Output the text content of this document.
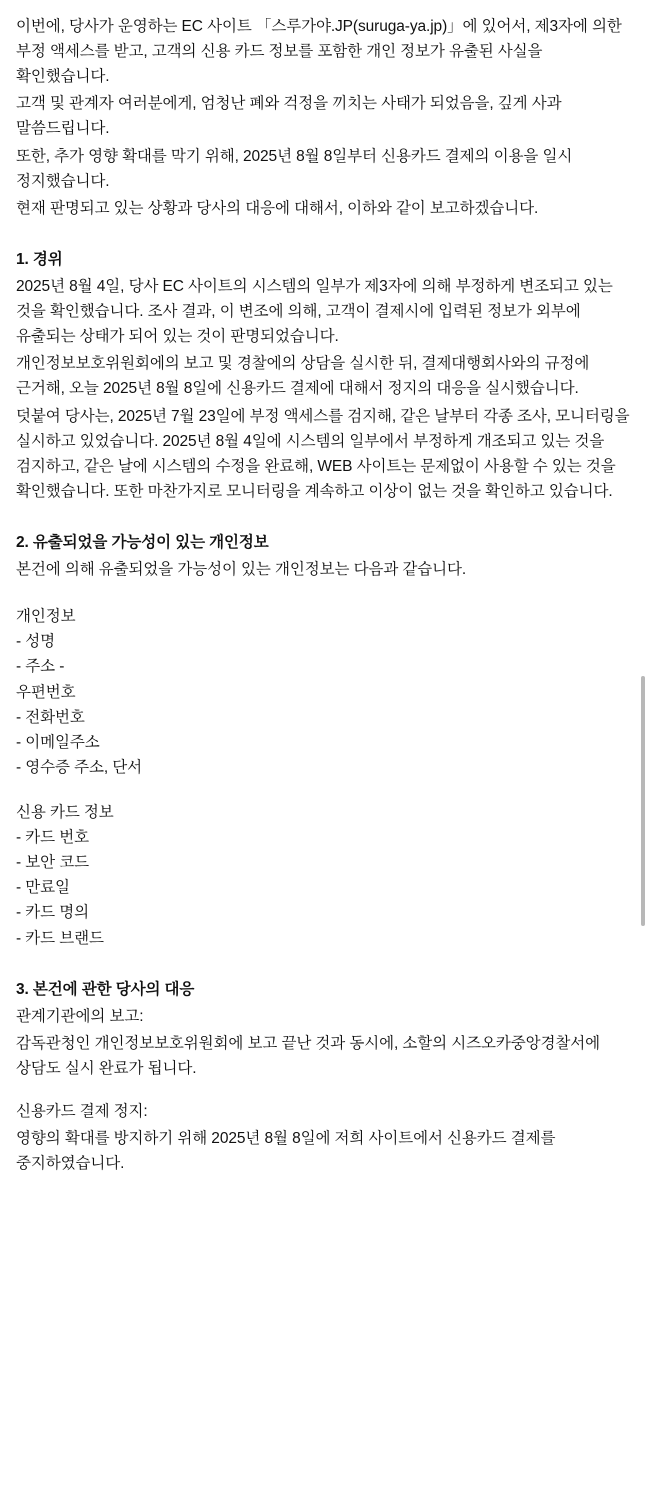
이번에, 당사가 운영하는 EC 사이트 「스루가야.JP(suruga-ya.jp)」에 있어서, 제3자에 의한 부정 액세스를 받고, 고객의 신용 카드 정보를 포함한 개인 정보가 유출된 사실을 확인했습니다.

고객 및 관계자 여러분에게, 엄청난 폐와 걱정을 끼치는 사태가 되었음을, 깊게 사과 말씀드립니다.

또한, 추가 영향 확대를 막기 위해, 2025년 8월 8일부터 신용카드 결제의 이용을 일시 정지했습니다.

현재 판명되고 있는 상황과 당사의 대응에 대해서, 이하와 같이 보고하겠습니다.

1. 경위

2025년 8월 4일, 당사 EC 사이트의 시스템의 일부가 제3자에 의해 부정하게 변조되고 있는 것을 확인했습니다. 조사 결과, 이 변조에 의해, 고객이 결제시에 입력된 정보가 외부에 유출되는 상태가 되어 있는 것이 판명되었습니다.

개인정보보호위원회에의 보고 및 경찰에의 상담을 실시한 뒤, 결제대행회사와의 규정에 근거해, 오늘 2025년 8월 8일에 신용카드 결제에 대해서 정지의 대응을 실시했습니다.

덧붙여 당사는, 2025년 7월 23일에 부정 액세스를 검지해, 같은 날부터 각종 조사, 모니터링을 실시하고 있었습니다. 2025년 8월 4일에 시스템의 일부에서 부정하게 개조되고 있는 것을 검지하고, 같은 날에 시스템의 수정을 완료해, WEB 사이트는 문제없이 사용할 수 있는 것을 확인했습니다. 또한 마찬가지로 모니터링을 계속하고 이상이 없는 것을 확인하고 있습니다.

2. 유출되었을 가능성이 있는 개인정보

본건에 의해 유출되었을 가능성이 있는 개인정보는 다음과 같습니다.

개인정보

- 성명

- 주소 -

우편번호

- 전화번호

- 이메일주소

- 영수증 주소, 단서

신용 카드 정보

- 카드 번호

- 보안 코드

- 만료일

- 카드 명의

- 카드 브랜드

3. 본건에 관한 당사의 대응

관계기관에의 보고:

감독관청인 개인정보보호위원회에 보고 끝난 것과 동시에, 소할의 시즈오카중앙경찰서에 상담도 실시 완료가 됩니다.

신용카드 결제 정지:

영향의 확대를 방지하기 위해 2025년 8월 8일에 저희 사이트에서 신용카드 결제를 중지하였습니다.
